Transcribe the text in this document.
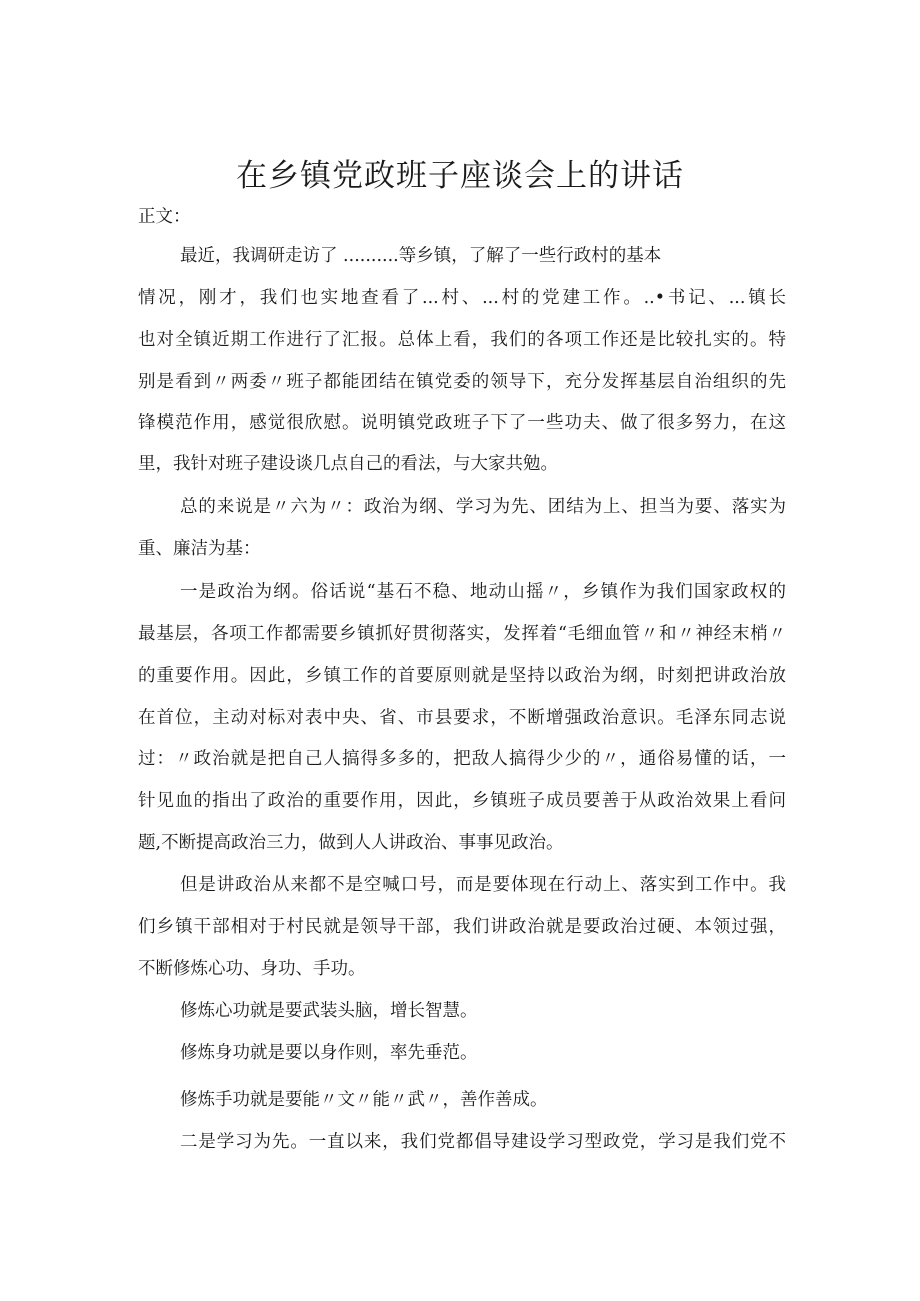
在乡镇党政班子座谈会上的讲话

正文：

最近，我调研走访了 ..........等乡镇，了解了一些行政村的基本

情况，刚才，我们也实地查看了...村、...村的党建工作。..•书记、...镇长

也对全镇近期工作进行了汇报。总体上看，我们的各项工作还是比较扎实的。特

别是看到〃两委〃班子都能团结在镇党委的领导下，充分发挥基层自治组织的先

锋模范作用，感觉很欣慰。说明镇党政班子下了一些功夫、做了很多努力，在这

里，我针对班子建设谈几点自己的看法，与大家共勉。

总的来说是〃六为〃：政治为纲、学习为先、团结为上、担当为要、落实为

重、廉洁为基：

一是政治为纲。俗话说“基石不稳、地动山摇〃，乡镇作为我们国家政权的

最基层，各项工作都需要乡镇抓好贯彻落实，发挥着“毛细血管〃和〃神经末梢〃

的重要作用。因此，乡镇工作的首要原则就是坚持以政治为纲，时刻把讲政治放

在首位，主动对标对表中央、省、市县要求，不断增强政治意识。毛泽东同志说

过：〃政治就是把自己人搞得多多的，把敌人搞得少少的〃，通俗易懂的话，一

针见血的指出了政治的重要作用，因此，乡镇班子成员要善于从政治效果上看问

题,不断提高政治三力，做到人人讲政治、事事见政治。

但是讲政治从来都不是空喊口号，而是要体现在行动上、落实到工作中。我

们乡镇干部相对于村民就是领导干部，我们讲政治就是要政治过硬、本领过强，

不断修炼心功、身功、手功。

修炼心功就是要武装头脑，增长智慧。

修炼身功就是要以身作则，率先垂范。

修炼手功就是要能〃文〃能〃武〃，善作善成。

二是学习为先。一直以来，我们党都倡导建设学习型政党，学习是我们党不
